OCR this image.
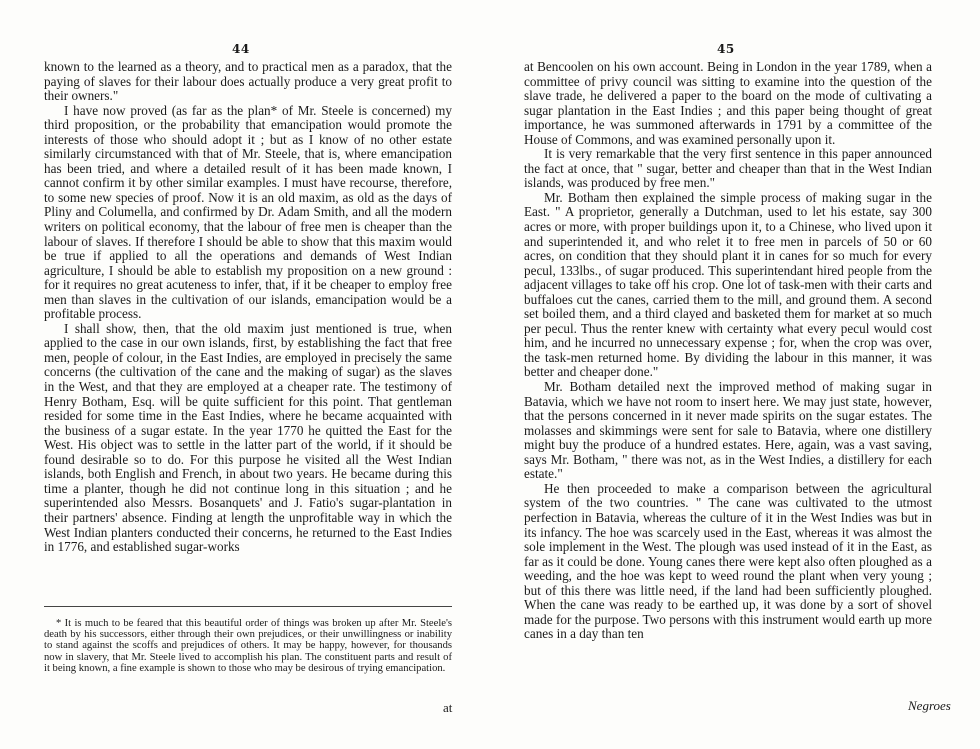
44

known to the learned as a theory, and to practical men as a paradox, that the paying of slaves for their labour does actually produce a very great profit to their owners."

I have now proved (as far as the plan* of Mr. Steele is concerned) my third proposition, or the probability that emancipation would promote the interests of those who should adopt it ; but as I know of no other estate similarly circumstanced with that of Mr. Steele, that is, where emancipation has been tried, and where a detailed result of it has been made known, I cannot confirm it by other similar examples. I must have recourse, therefore, to some new species of proof. Now it is an old maxim, as old as the days of Pliny and Columella, and confirmed by Dr. Adam Smith, and all the modern writers on political economy, that the labour of free men is cheaper than the labour of slaves. If therefore I should be able to show that this maxim would be true if applied to all the operations and demands of West Indian agriculture, I should be able to establish my proposition on a new ground : for it requires no great acuteness to infer, that, if it be cheaper to employ free men than slaves in the cultivation of our islands, emancipation would be a profitable process.

I shall show, then, that the old maxim just mentioned is true, when applied to the case in our own islands, first, by establishing the fact that free men, people of colour, in the East Indies, are employed in precisely the same concerns (the cultivation of the cane and the making of sugar) as the slaves in the West, and that they are employed at a cheaper rate. The testimony of Henry Botham, Esq. will be quite sufficient for this point. That gentleman resided for some time in the East Indies, where he became acquainted with the business of a sugar estate. In the year 1770 he quitted the East for the West. His object was to settle in the latter part of the world, if it should be found desirable so to do. For this purpose he visited all the West Indian islands, both English and French, in about two years. He became during this time a planter, though he did not continue long in this situation ; and he superintended also Messrs. Bosanquets' and J. Fatio's sugar-plantation in their partners' absence. Finding at length the unprofitable way in which the West Indian planters conducted their concerns, he returned to the East Indies in 1776, and established sugar-works

* It is much to be feared that this beautiful order of things was broken up after Mr. Steele's death by his successors, either through their own prejudices, or their unwillingness or inability to stand against the scoffs and prejudices of others. It may be happy, however, for thousands now in slavery, that Mr. Steele lived to accomplish his plan. The constituent parts and result of it being known, a fine example is shown to those who may be desirous of trying emancipation.

at
45

at Bencoolen on his own account. Being in London in the year 1789, when a committee of privy council was sitting to examine into the question of the slave trade, he delivered a paper to the board on the mode of cultivating a sugar plantation in the East Indies ; and this paper being thought of great importance, he was summoned afterwards in 1791 by a committee of the House of Commons, and was examined personally upon it.

It is very remarkable that the very first sentence in this paper announced the fact at once, that " sugar, better and cheaper than that in the West Indian islands, was produced by free men."

Mr. Botham then explained the simple process of making sugar in the East. " A proprietor, generally a Dutchman, used to let his estate, say 300 acres or more, with proper buildings upon it, to a Chinese, who lived upon it and superintended it, and who relet it to free men in parcels of 50 or 60 acres, on condition that they should plant it in canes for so much for every pecul, 133lbs., of sugar produced. This superintendant hired people from the adjacent villages to take off his crop. One lot of task-men with their carts and buffaloes cut the canes, carried them to the mill, and ground them. A second set boiled them, and a third clayed and basketed them for market at so much per pecul. Thus the renter knew with certainty what every pecul would cost him, and he incurred no unnecessary expense ; for, when the crop was over, the task-men returned home. By dividing the labour in this manner, it was better and cheaper done."

Mr. Botham detailed next the improved method of making sugar in Batavia, which we have not room to insert here. We may just state, however, that the persons concerned in it never made spirits on the sugar estates. The molasses and skimmings were sent for sale to Batavia, where one distillery might buy the produce of a hundred estates. Here, again, was a vast saving, says Mr. Botham, " there was not, as in the West Indies, a distillery for each estate."

He then proceeded to make a comparison between the agricultural system of the two countries. " The cane was cultivated to the utmost perfection in Batavia, whereas the culture of it in the West Indies was but in its infancy. The hoe was scarcely used in the East, whereas it was almost the sole implement in the West. The plough was used instead of it in the East, as far as it could be done. Young canes there were kept also often ploughed as a weeding, and the hoe was kept to weed round the plant when very young ; but of this there was little need, if the land had been sufficiently ploughed. When the cane was ready to be earthed up, it was done by a sort of shovel made for the purpose. Two persons with this instrument would earth up more canes in a day than ten

Negroes
